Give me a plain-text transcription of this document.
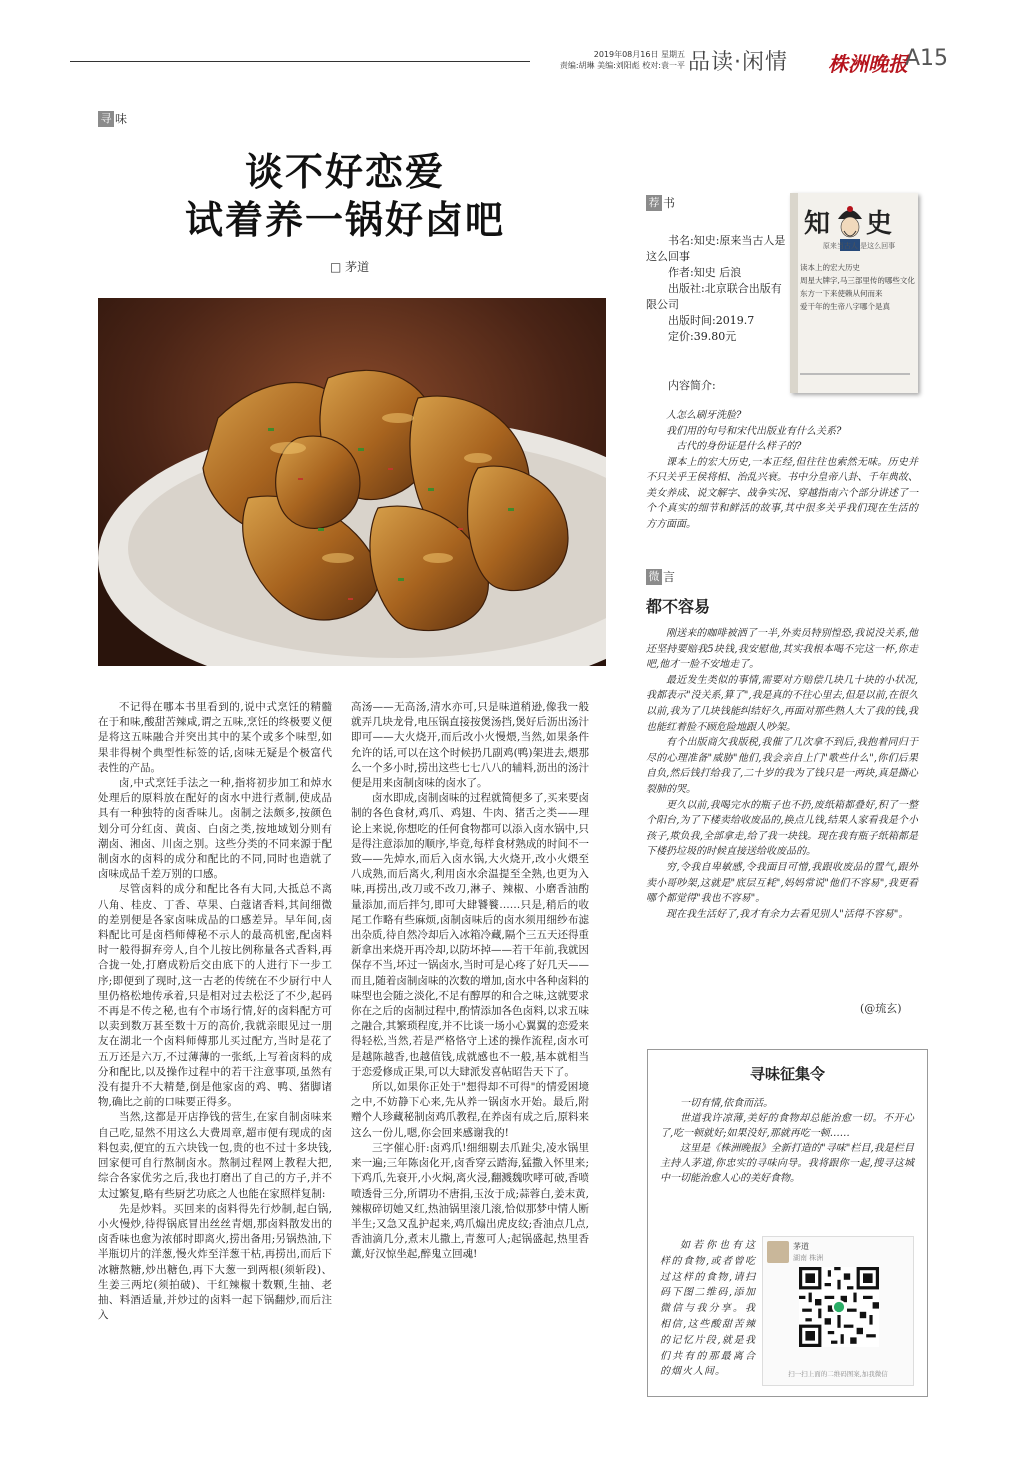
2019年08月16日 星期五
责编:胡琳 美编:刘阳彪 校对:袁一平 品读·闲情 株洲晚报
A15
寻 味
谈不好恋爱
试着养一锅好卤吧
□ 茅道

不记得在哪本书里看到的,说中式烹饪的精髓在于和味,酸甜苦辣咸,谓之五味,烹饪的终极要义便是将这五味融合并突出其中的某个或多个味型,如果非得树个典型性标签的话,卤味无疑是个极富代表性的产品。

卤,中式烹饪手法之一种,指将初步加工和焯水处理后的原料放在配好的卤水中进行煮制,使成品具有一种独特的卤香味儿。卤制之法颇多,按颜色划分可分红卤、黄卤、白卤之类,按地域划分则有潮卤、湘卤、川卤之别。这些分类的不同来源于配制卤水的卤料的成分和配比的不同,同时也造就了卤味成品千差万别的口感。

尽管卤料的成分和配比各有大同,大抵总不离八角、桂皮、丁香、草果、白蔻诸香料,其间细微的差别便是各家卤味成品的口感差异。早年间,卤料配比可是卤档师傅秘不示人的最高机密,配卤料时一般得摒弃旁人,自个儿按比例称量各式香料,再合拢一处,打磨成粉后交由底下的人进行下一步工序;即便到了现时,这一古老的传统在不少厨行中人里仍格松地传承着,只是相对过去松泛了不少,起码不再是不传之秘,也有个市场行情,好的卤料配方可以卖到数万甚至数十万的高价,我就亲眼见过一朋友在湖北一个卤料师傅那儿买过配方,当时是花了五万还是六万,不过薄薄的一张纸,上写着卤料的成分和配比,以及操作过程中的若干注意事项,虽然有没有提升不大精楚,倒是他家卤的鸡、鸭、猪脚诸物,确比之前的口味要正得多。

当然,这都是开店挣钱的营生,在家自制卤味来自己吃,显然不用这么大费周章,超市便有现成的卤料包卖,便宜的五六块钱一包,贵的也不过十多块钱,回家便可自行熬制卤水。熬制过程网上教程大把,综合各家优劣之后,我也打磨出了自己的方子,并不太过繁复,略有些厨艺功底之人也能在家照样复制:

先是炒料。买回来的卤料得先行炒制,起白锅,小火慢炒,待得锅底冒出丝丝青烟,那卤料散发出的卤香味也愈为浓郁时即离火,捞出备用;另锅热油,下半瓶切片的洋葱,慢火炸至洋葱干枯,再捞出,而后下冰糖熬糖,炒出糖色,再下大葱一到两根(须斩段)、生姜三两坨(须拍破)、干红辣椒十数颗,生抽、老抽、料酒适量,并炒过的卤料一起下锅翻炒,而后注入

高汤——无高汤,清水亦可,只是味道稍逊,像我一般就弄几块龙骨,电压锅直接按煲汤挡,煲好后沥出汤汁即可——大火烧开,而后改小火慢煨,当然,如果条件允许的话,可以在这个时候扔几副鸡(鸭)架进去,煨那么一个多小时,捞出这些七七八八的辅料,沥出的汤汁便是用来卤制卤味的卤水了。

卤水即成,卤制卤味的过程就简便多了,买来要卤制的各色食材,鸡爪、鸡翅、牛肉、猪舌之类——理论上来说,你想吃的任何食物都可以添入卤水锅中,只是得注意添加的顺序,毕竟,每样食材熟成的时间不一致——先焯水,而后入卤水锅,大火烧开,改小火煨至八成熟,而后离火,利用卤水余温提至全熟,也更为入味,再捞出,改刀或不改刀,淋子、辣椒、小磨香油酌量添加,而后拌匀,即可大肆饕餮……只是,稍后的收尾工作略有些麻烦,卤制卤味后的卤水须用细纱布滤出杂质,待自然冷却后入冰箱冷藏,隔个三五天还得重新拿出来烧开再冷却,以防坏掉——若干年前,我就因保存不当,坏过一锅卤水,当时可是心疼了好几天——而且,随着卤制卤味的次数的增加,卤水中各种卤料的味型也会随之淡化,不足有醇厚的和合之味,这就要求你在之后的卤制过程中,酌情添加各色卤料,以求五味之融合,其繁琐程度,并不比谈一场小心翼翼的恋爱来得轻松,当然,若是严格恪守上述的操作流程,卤水可是越陈越香,也越值钱,成就感也不一般,基本就相当于恋爱修成正果,可以大肆派发喜帖昭告天下了。

所以,如果你正处于"想得却不可得"的情爱困境之中,不妨静下心来,先从养一锅卤水开始。最后,附赠个人珍藏秘制卤鸡爪教程,在养卤有成之后,原料来这么一份儿,嗯,你会回来感谢我的!

三字催心肝:卤鸡爪!细细剔去爪趾尖,凌水锅里来一遍;三年陈卤化开,卤香穿云踏海,猛撒入怀里来;下鸡爪,先衰开,小火焖,离火浸,翻溅魏吹哮可破,香喷喷透骨三分,所谓功不唐捐,玉汝于成;蒜蓉白,姜末黄,辣椒碎切她又红,热油锅里滚几滚,恰似那梦中情人断半生;又急又乱护起来,鸡爪煽出虎皮纹;香油点几点,香油滴几分,煮末儿撒上,青葱可人;起锅盛起,热里香薰,好汉惊坐起,醉鬼立回魂!

荐 书
书名:知史:原来当古人是这么回事
作者:知史 后浪
出版社:北京联合出版有限公司
出版时间:2019.7
定价:39.80元
知 史
原来当古人 是这么回事
读本上的宏大历史
周星大牌字,马三部里传的哪些文化
东方一下来使赖从何而来
爱干年的生帝八字哪个是真
内容简介:

人怎么刷牙洗脸?

我们用的句号和宋代出版业有什么关系?

古代的身份证是什么样子的?

课本上的宏大历史,一本正经,但往往也索然无味。历史并不只关乎王侯将相、治乱兴衰。书中分皇帝八卦、千年典故、美女养成、说文解字、战争实况、穿越指南六个部分讲述了一个个真实的细节和鲜活的故事,其中很多关乎我们现在生活的方方面面。

微 言
都不容易

刚送来的咖啡被洒了一半,外卖员特别惶恐,我说没关系,他还坚持要赔我5块钱,我安慰他,其实我根本喝不完这一杯,你走吧,他才一脸不安地走了。

最近发生类似的事情,需要对方赔偿几块几十块的小状况,我都表示"没关系,算了",我是真的不往心里去,但是以前,在很久以前,我为了几块钱能纠结好久,再面对那些熟人大了我的钱,我也能红着脸不顾危险地跟人吵架。

有个出版商欠我版税,我催了几次拿不到后,我抱着同归于尽的心理准备"威胁"他们,我会亲自上门"歌些什么",你们后果自负,然后钱打给我了,二十岁的我为了钱只是一两块,真是撕心裂肺的哭。

更久以前,我喝完水的瓶子也不扔,废纸箱都叠好,积了一整个阳台,为了下楼卖给收废品的,换点儿钱,结果人家看我是个小孩子,欺负我,全部拿走,给了我一块钱。现在我有瓶子纸箱都是下楼扔垃圾的时候直接送给收废品的。

穷,令我自卑敏感,令我面目可憎,我跟收废品的置气,跟外卖小哥吵架,这就是"底层互耗",妈妈常说"他们不容易",我更看哪个都觉得"我也不容易"。

现在我生活好了,我才有余力去看见别人"活得不容易"。

(@琉玄)
寻味征集令

一切有情,依食而活。

世道我许凉薄,美好的食物却总能治愈一切。不开心了,吃一顿就好;如果没好,那就再吃一顿……

这里是《株洲晚报》全新打造的"寻味"栏目,我是栏目主持人茅道,你忠实的寻味向导。我将跟你一起,搜寻这城中一切能治愈人心的美好食物。

如若你也有这样的食物,或者曾吃过这样的食物,请扫码下图二维码,添加微信与我分享。我相信,这些酸甜苦辣的记忆片段,就是我们共有的那最离合的烟火人间。

茅道
湖南 株洲
扫一扫上面的二维码图案,加我微信
